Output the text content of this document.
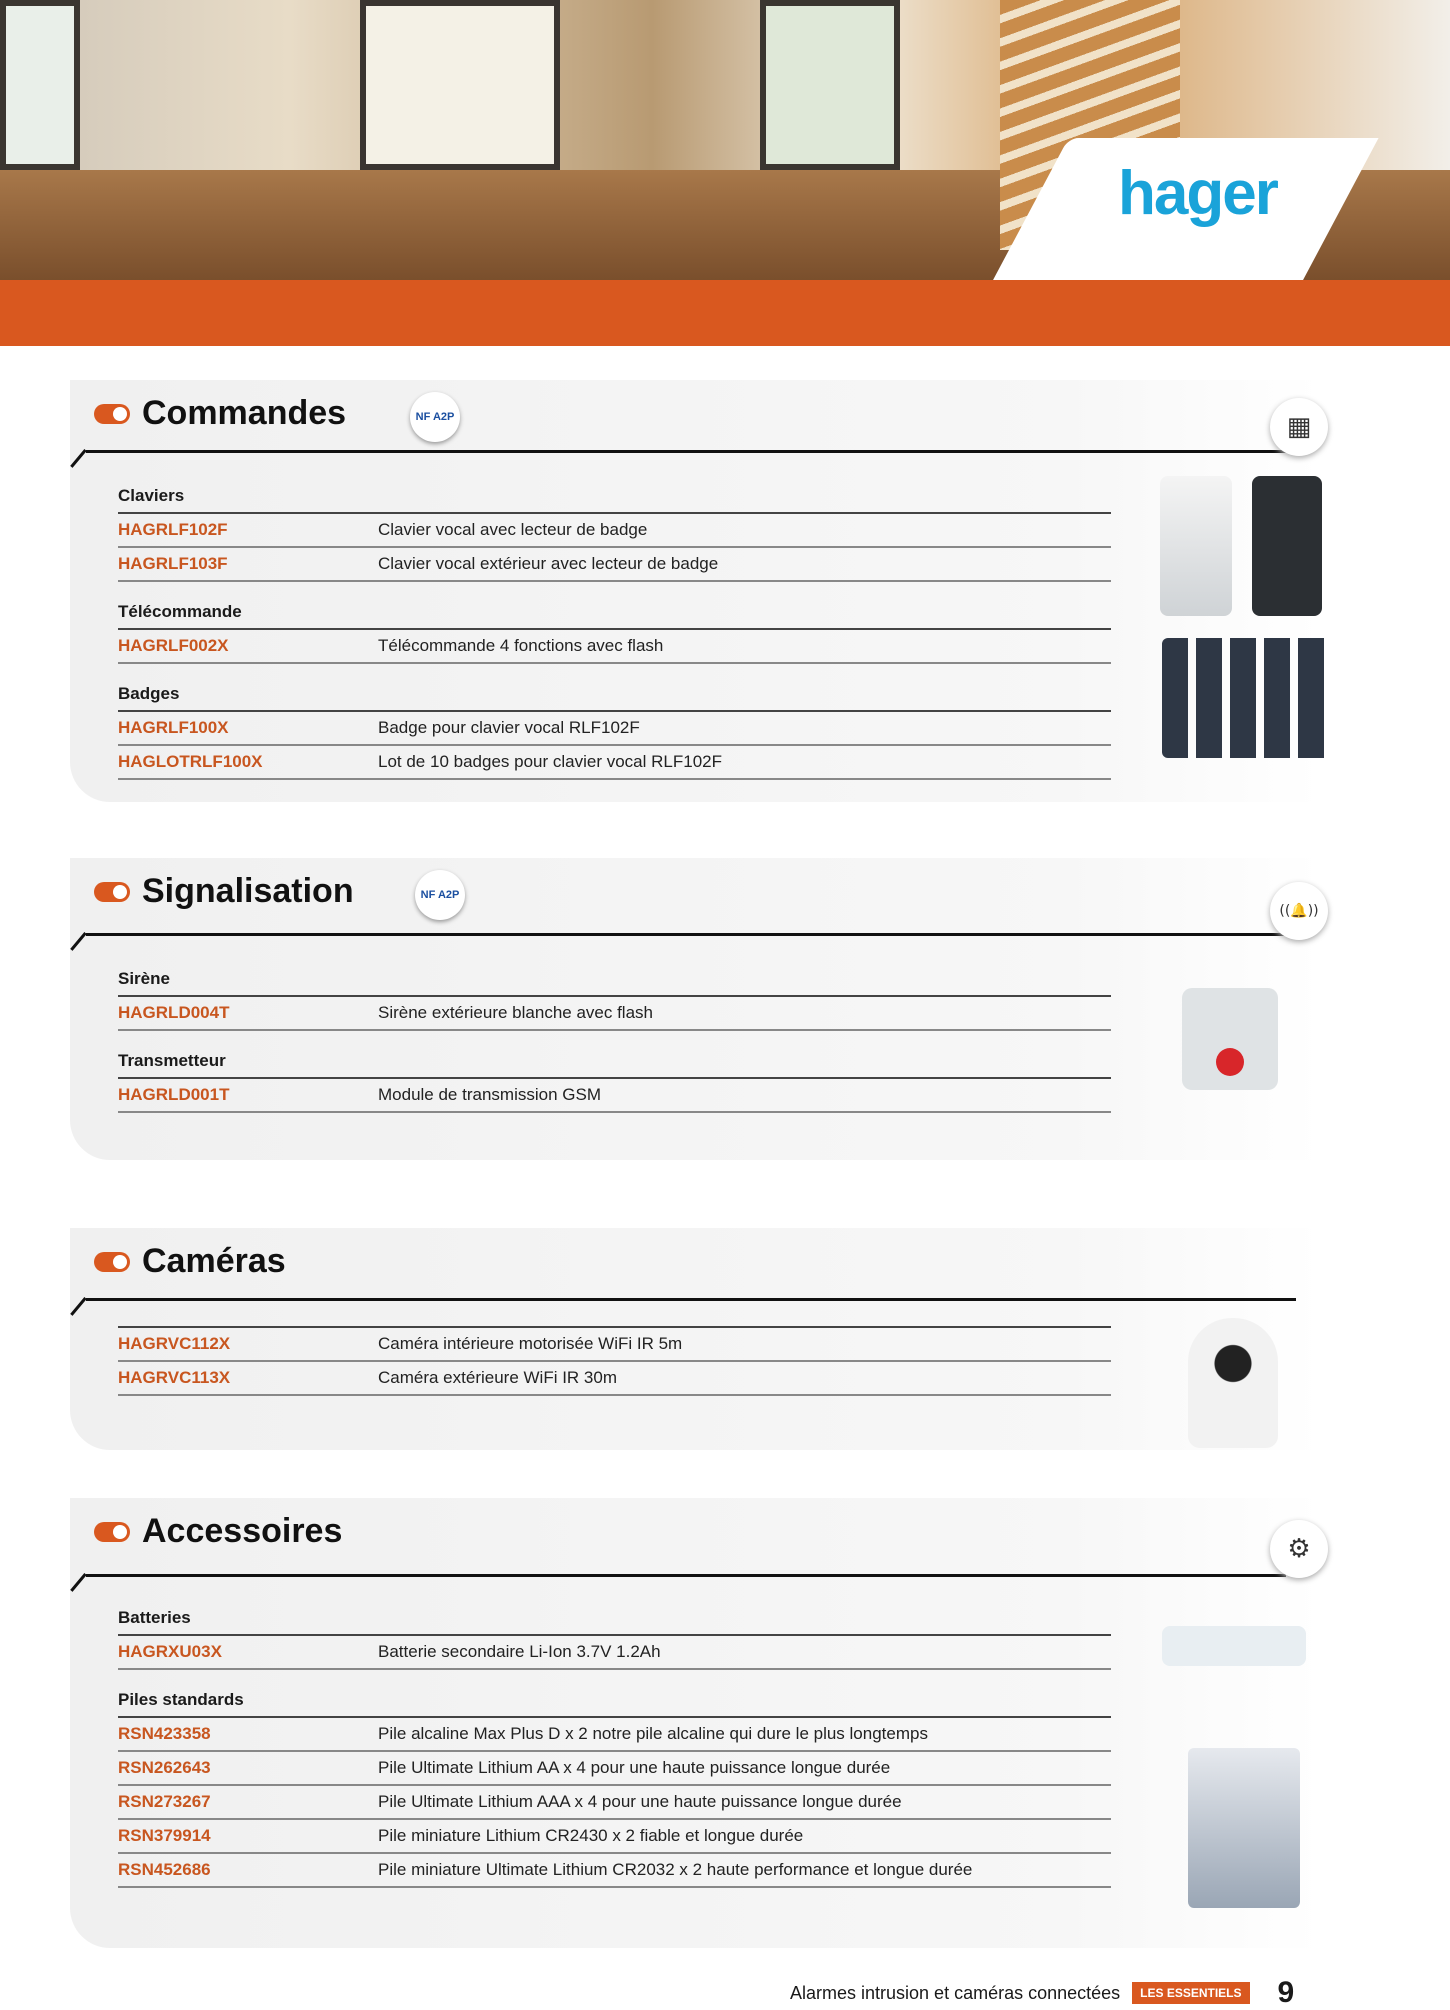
hager
Commandes	NF A2P	▦
Claviers
HAGRLF102F	Clavier vocal avec lecteur de badge
HAGRLF103F	Clavier vocal extérieur avec lecteur de badge
Télécommande
HAGRLF002X	Télécommande 4 fonctions avec flash
Badges
HAGRLF100X	Badge pour clavier vocal RLF102F
HAGLOTRLF100X	Lot de 10 badges pour clavier vocal RLF102F
Signalisation	NF A2P
((🔔))
Sirène
HAGRLD004T	Sirène extérieure blanche avec flash
Transmetteur
HAGRLD001T	Module de transmission GSM
Caméras
HAGRVC112X	Caméra intérieure motorisée WiFi IR 5m
HAGRVC113X	Caméra extérieure WiFi IR 30m
Accessoires	⚙
Batteries
HAGRXU03X	Batterie secondaire Li-Ion 3.7V 1.2Ah
Piles standards
RSN423358	Pile alcaline Max Plus D x 2 notre pile alcaline qui dure le plus longtemps
RSN262643	Pile Ultimate Lithium AA x 4 pour une haute puissance longue durée
RSN273267	Pile Ultimate Lithium AAA x 4 pour une haute puissance longue durée
RSN379914	Pile miniature Lithium CR2430 x 2 fiable et longue durée
RSN452686	Pile miniature Ultimate Lithium CR2032 x 2 haute performance et longue durée
Alarmes intrusion et caméras connectées	LES ESSENTIELS 9
